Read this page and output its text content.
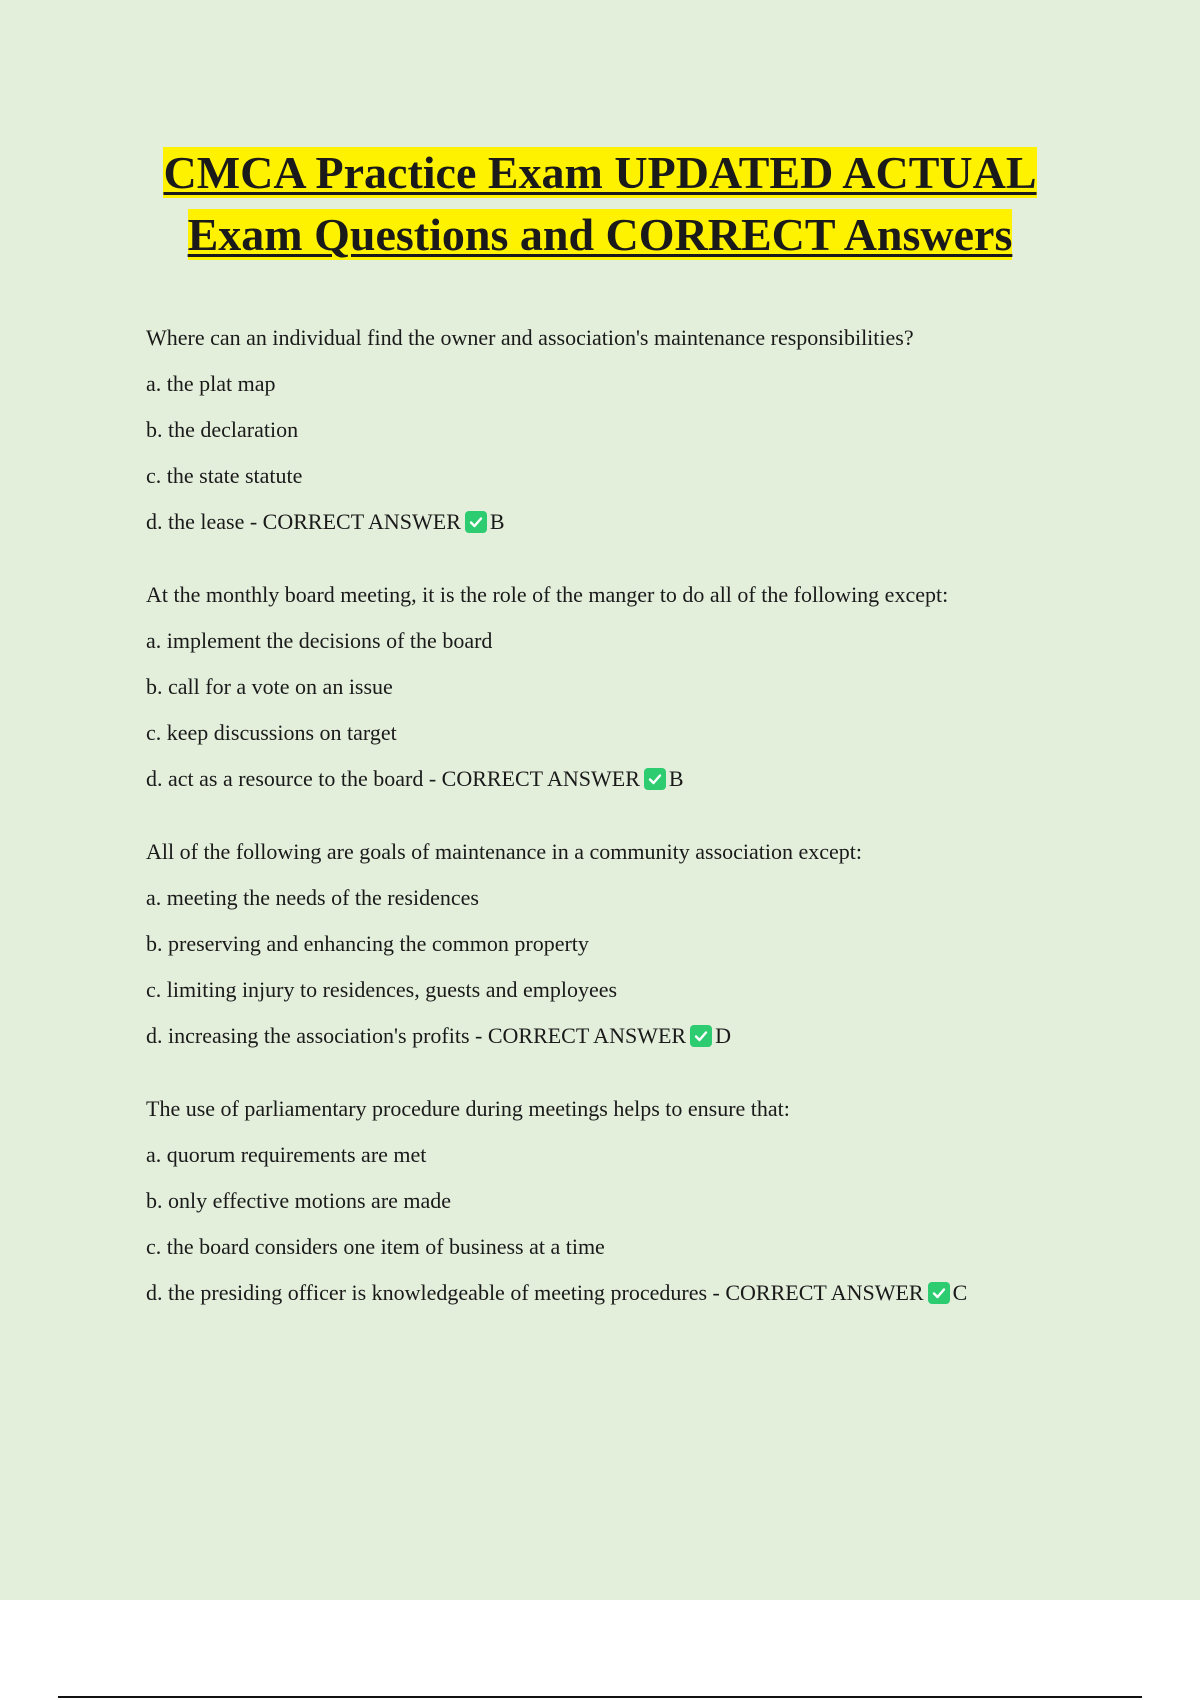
CMCA Practice Exam UPDATED ACTUAL
Exam Questions and CORRECT Answers

Where can an individual find the owner and association's maintenance responsibilities?

a. the plat map

b. the declaration

c. the state statute

d. the lease - CORRECT ANSWER B

At the monthly board meeting, it is the role of the manger to do all of the following except:

a. implement the decisions of the board

b. call for a vote on an issue

c. keep discussions on target

d. act as a resource to the board - CORRECT ANSWER B

All of the following are goals of maintenance in a community association except:

a. meeting the needs of the residences

b. preserving and enhancing the common property

c. limiting injury to residences, guests and employees

d. increasing the association's profits - CORRECT ANSWER D

The use of parliamentary procedure during meetings helps to ensure that:

a. quorum requirements are met

b. only effective motions are made

c. the board considers one item of business at a time

d. the presiding officer is knowledgeable of meeting procedures - CORRECT ANSWER C
